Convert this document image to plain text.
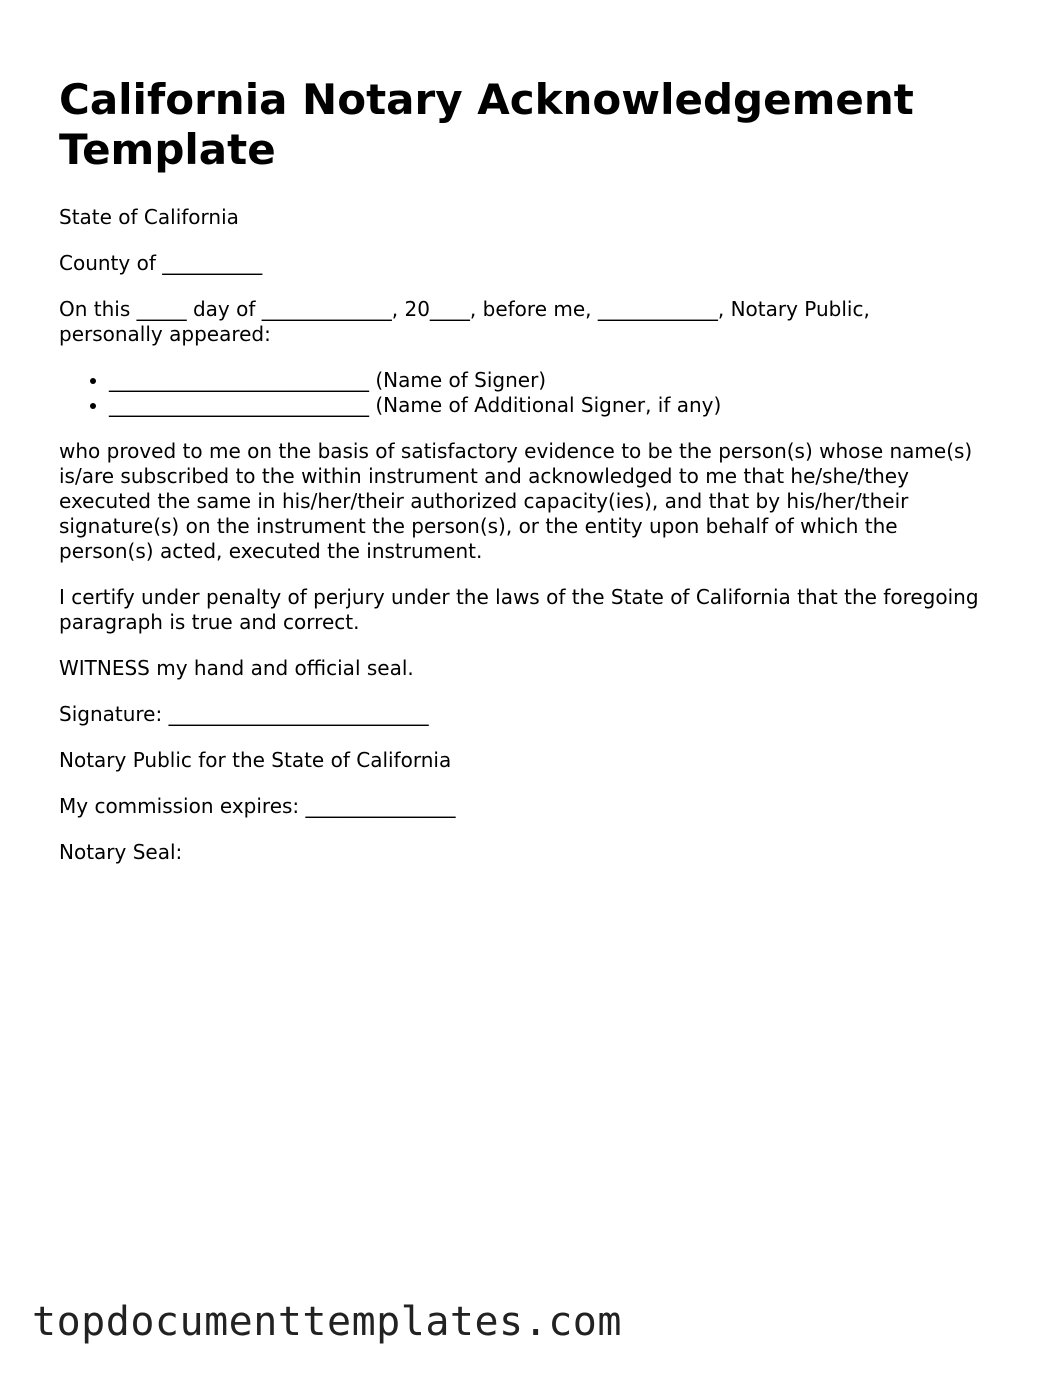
California Notary Acknowledgement Template

State of California

County of __________

On this _____ day of _____________, 20____, before me, ____________, Notary Public, personally appeared:

• __________________________ (Name of Signer)
• __________________________ (Name of Additional Signer, if any)

who proved to me on the basis of satisfactory evidence to be the person(s) whose name(s) is/are subscribed to the within instrument and acknowledged to me that he/she/they executed the same in his/her/their authorized capacity(ies), and that by his/her/their signature(s) on the instrument the person(s), or the entity upon behalf of which the person(s) acted, executed the instrument.

I certify under penalty of perjury under the laws of the State of California that the foregoing paragraph is true and correct.

WITNESS my hand and official seal.

Signature: __________________________

Notary Public for the State of California

My commission expires: _______________

Notary Seal:

topdocumenttemplates.com
